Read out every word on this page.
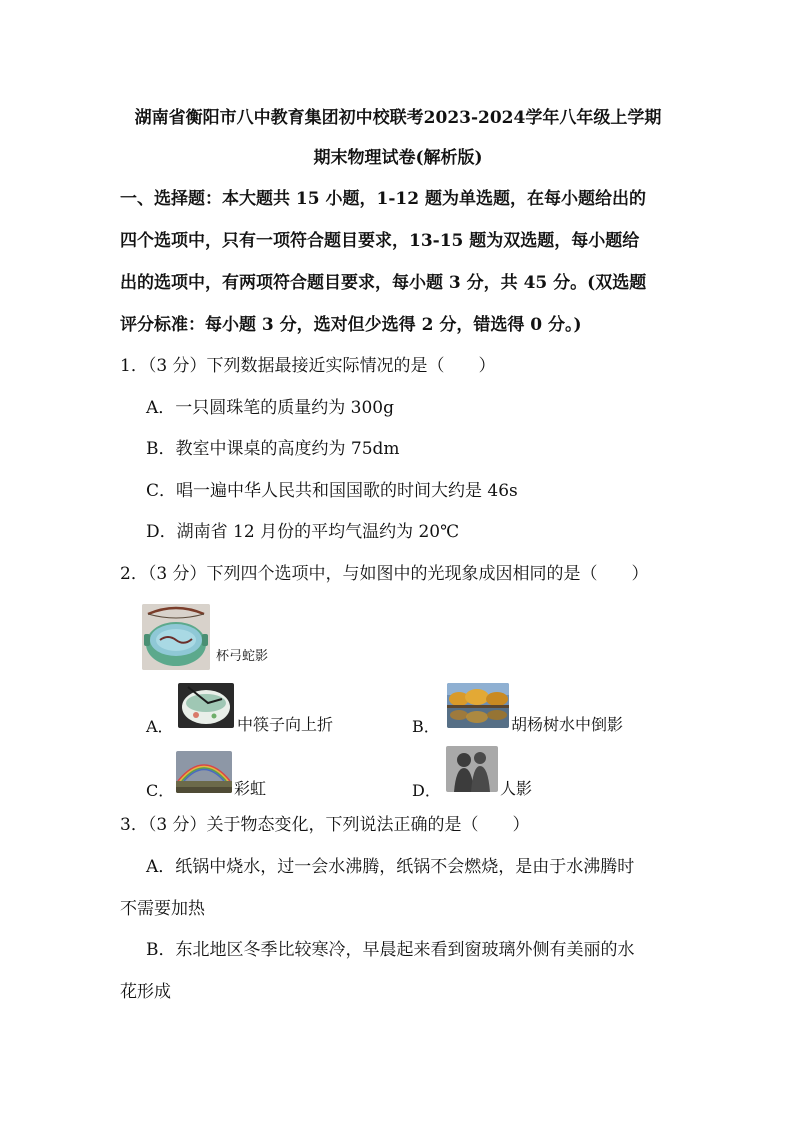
湖南省衡阳市八中教育集团初中校联考2023-2024学年八年级上学期
期末物理试卷(解析版)
一、选择题：本大题共 15 小题，1-12 题为单选题，在每小题给出的
四个选项中，只有一项符合题目要求，13-15 题为双选题，每小题给
出的选项中，有两项符合题目要求，每小题 3 分，共 45 分。(双选题
评分标准：每小题 3 分，选对但少选得 2 分，错选得 0 分。)
1．（3 分）下列数据最接近实际情况的是（　　）
A．一只圆珠笔的质量约为 300g
B．教室中课桌的高度约为 75dm
C．唱一遍中华人民共和国国歌的时间大约是 46s
D．湖南省 12 月份的平均气温约为 20℃
2．（3 分）下列四个选项中，与如图中的光现象成因相同的是（　　）
杯弓蛇影
A．	中筷子向上折	B．	胡杨树水中倒影
C．	彩虹	D．	人影
3．（3 分）关于物态变化，下列说法正确的是（　　）
A．纸锅中烧水，过一会水沸腾，纸锅不会燃烧，是由于水沸腾时
不需要加热
B．东北地区冬季比较寒冷，早晨起来看到窗玻璃外侧有美丽的水
花形成
